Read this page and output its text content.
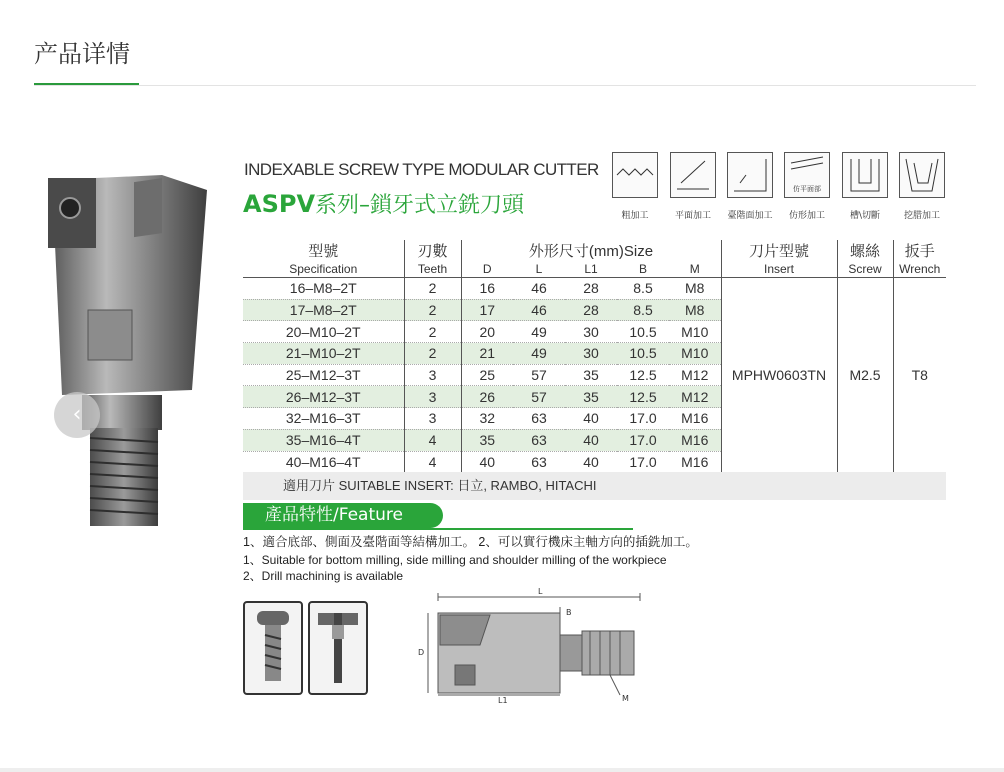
产品详情
‹
INDEXABLE SCREW TYPE MODULAR CUTTER
ASPV系列–鎖牙式立銑刀頭	粗加工	平面加工	臺階面加工
仿平面部
仿形加工	槽\切斷	挖腊加工
型號	刃數	外形尺寸(mm)Size					刀片型號	螺絲	扳手
Specification	Teeth	D	L	L1	B	M	Insert	Screw	Wrench
16–M8–2T	2	16	46	28	8.5	M8	MPHW0603TN	M2.5	T8
17–M8–2T	2	17	46	28	8.5	M8			
20–M10–2T	2	20	49	30	10.5	M10			
21–M10–2T	2	21	49	30	10.5	M10			
25–M12–3T	3	25	57	35	12.5	M12			
26–M12–3T	3	26	57	35	12.5	M12			
32–M16–3T	3	32	63	40	17.0	M16			
35–M16–4T	4	35	63	40	17.0	M16			
40–M16–4T	4	40	63	40	17.0	M16			
適用刀片 SUITABLE INSERT: 日立, RAMBO, HITACHI
產品特性/Feature
1、適合底部、側面及臺階面等結構加工。 2、可以實行機床主軸方向的插銑加工。
1、Suitable for bottom milling, side milling and shoulder milling of the workpiece
2、Drill machining is available
L
B
D
L1	M
